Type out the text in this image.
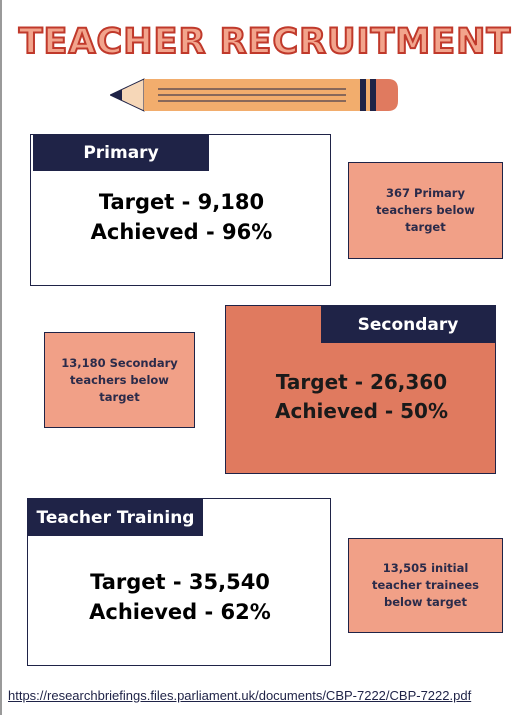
TEACHER RECRUITMENT
Primary
Target - 9,180
Achieved - 96%
367 Primary teachers below target
13,180 Secondary teachers below target
Secondary
Target - 26,360
Achieved - 50%
Teacher Training
Target - 35,540
Achieved - 62%
13,505 initial teacher trainees below target
https://researchbriefings.files.parliament.uk/documents/CBP-7222/CBP-7222.pdf
